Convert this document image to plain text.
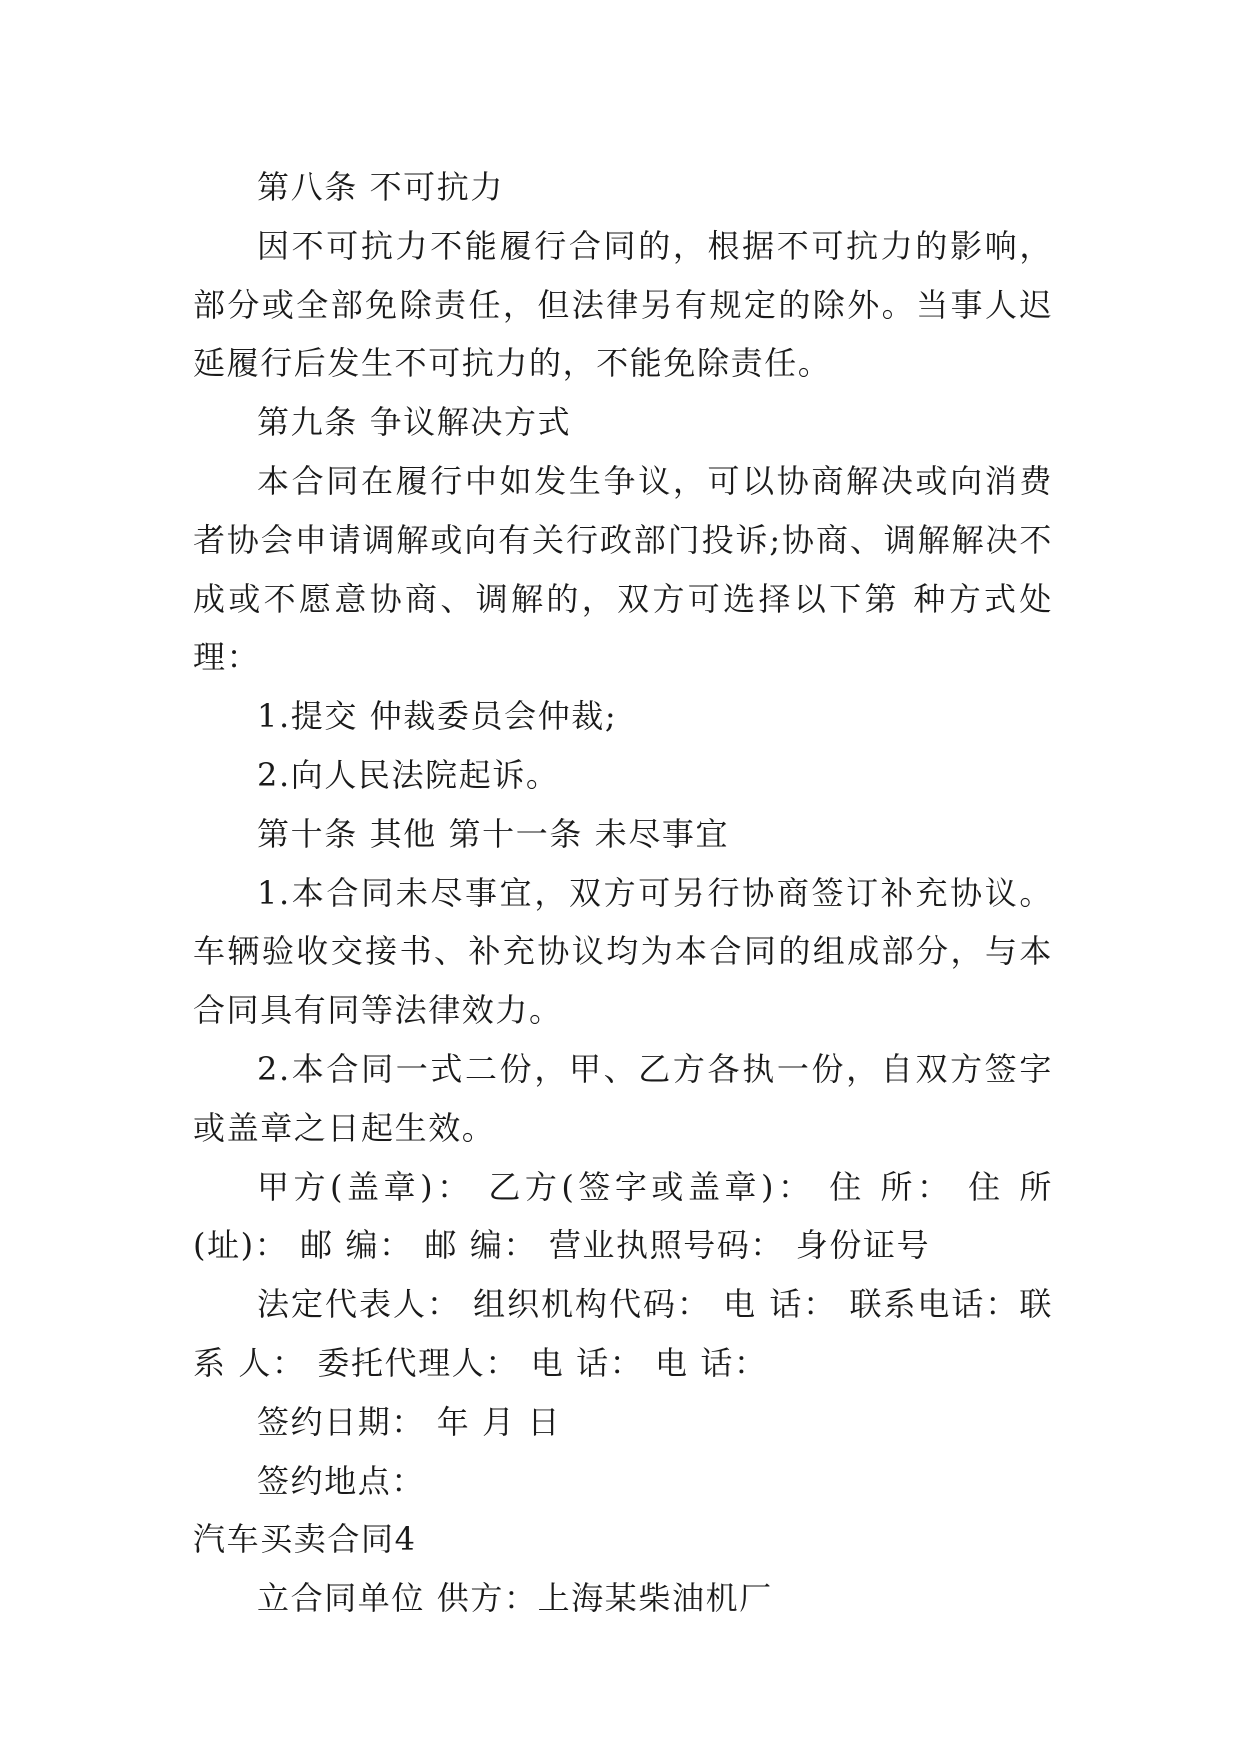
第八条 不可抗力

因不可抗力不能履行合同的，根据不可抗力的影响，部分或全部免除责任，但法律另有规定的除外。当事人迟延履行后发生不可抗力的，不能免除责任。

第九条 争议解决方式

本合同在履行中如发生争议，可以协商解决或向消费者协会申请调解或向有关行政部门投诉;协商、调解解决不成或不愿意协商、调解的，双方可选择以下第 种方式处理：

1.提交 仲裁委员会仲裁;

2.向人民法院起诉。

第十条 其他 第十一条 未尽事宜

1.本合同未尽事宜，双方可另行协商签订补充协议。车辆验收交接书、补充协议均为本合同的组成部分，与本合同具有同等法律效力。

2.本合同一式二份，甲、乙方各执一份，自双方签字或盖章之日起生效。

甲方(盖章)： 乙方(签字或盖章)： 住 所： 住 所(址)： 邮 编： 邮 编： 营业执照号码： 身份证号

法定代表人： 组织机构代码： 电 话： 联系电话：联 系 人： 委托代理人： 电 话： 电 话：

签约日期： 年 月 日

签约地点：

汽车买卖合同4

立合同单位 供方：上海某柴油机厂
